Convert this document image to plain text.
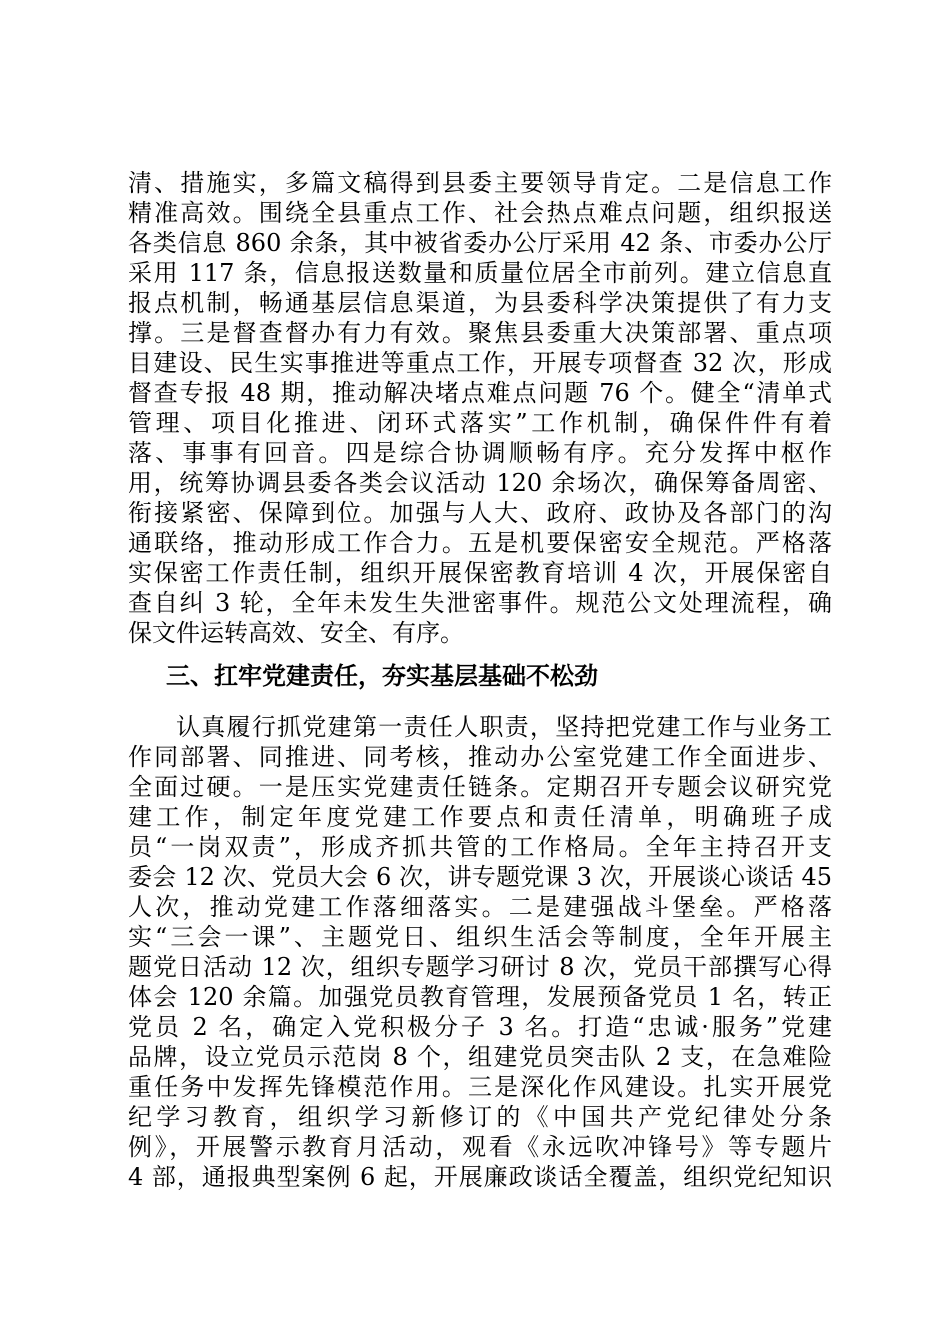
清、措施实，多篇文稿得到县委主要领导肯定。二是信息工作
精准高效。围绕全县重点工作、社会热点难点问题，组织报送
各类信息 860 余条，其中被省委办公厅采用 42 条、市委办公厅
采用 117 条，信息报送数量和质量位居全市前列。建立信息直
报点机制，畅通基层信息渠道，为县委科学决策提供了有力支
撑。三是督查督办有力有效。聚焦县委重大决策部署、重点项
目建设、民生实事推进等重点工作，开展专项督查 32 次，形成
督查专报 48 期，推动解决堵点难点问题 76 个。健全“清单式
管理、项目化推进、闭环式落实”工作机制，确保件件有着
落、事事有回音。四是综合协调顺畅有序。充分发挥中枢作
用，统筹协调县委各类会议活动 120 余场次，确保筹备周密、
衔接紧密、保障到位。加强与人大、政府、政协及各部门的沟
通联络，推动形成工作合力。五是机要保密安全规范。严格落
实保密工作责任制，组织开展保密教育培训 4 次，开展保密自
查自纠 3 轮，全年未发生失泄密事件。规范公文处理流程，确
保文件运转高效、安全、有序。
三、扛牢党建责任，夯实基层基础不松劲
认真履行抓党建第一责任人职责，坚持把党建工作与业务工
作同部署、同推进、同考核，推动办公室党建工作全面进步、
全面过硬。一是压实党建责任链条。定期召开专题会议研究党
建工作，制定年度党建工作要点和责任清单，明确班子成
员“一岗双责”，形成齐抓共管的工作格局。全年主持召开支
委会 12 次、党员大会 6 次，讲专题党课 3 次，开展谈心谈话 45
人次，推动党建工作落细落实。二是建强战斗堡垒。严格落
实“三会一课”、主题党日、组织生活会等制度，全年开展主
题党日活动 12 次，组织专题学习研讨 8 次，党员干部撰写心得
体会 120 余篇。加强党员教育管理，发展预备党员 1 名，转正
党员 2 名，确定入党积极分子 3 名。打造“忠诚·服务”党建
品牌，设立党员示范岗 8 个，组建党员突击队 2 支，在急难险
重任务中发挥先锋模范作用。三是深化作风建设。扎实开展党
纪学习教育，组织学习新修订的《中国共产党纪律处分条
例》，开展警示教育月活动，观看《永远吹冲锋号》等专题片
4 部，通报典型案例 6 起，开展廉政谈话全覆盖，组织党纪知识
